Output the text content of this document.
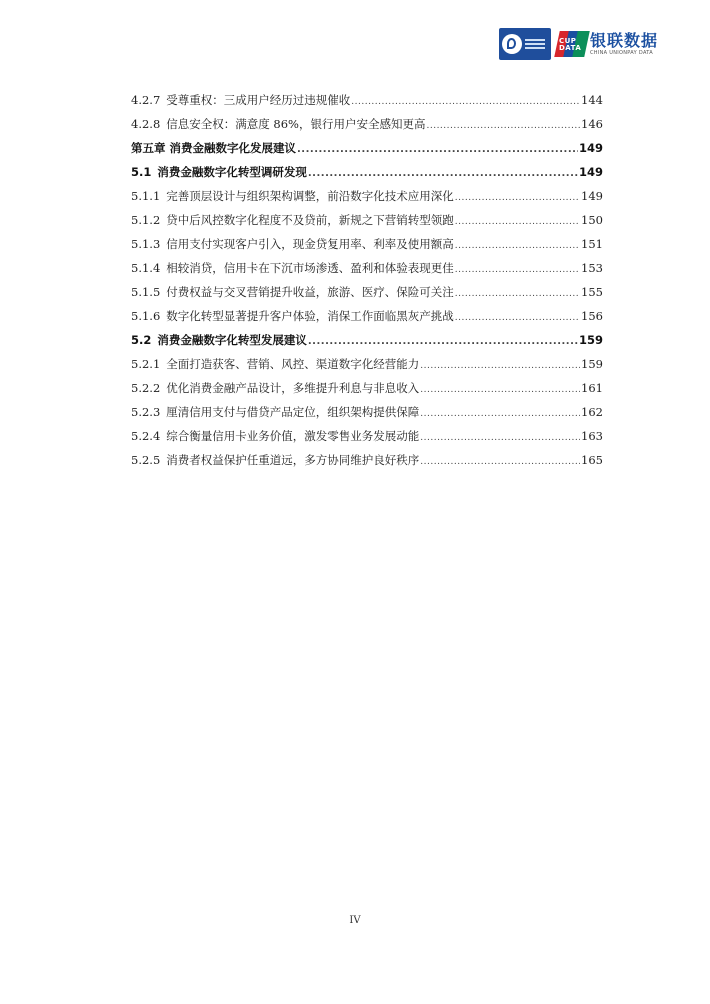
CUP DATA 银联数据
CHINA UNIONPAY DATA
4.2.7 受尊重权：三成用户经历过违规催收 .....	144
4.2.8 信息安全权：满意度 86%，银行用户安全感知更高 .....	146
第五章 消费金融数字化发展建议 .....	149
5.1 消费金融数字化转型调研发现 .....	149
5.1.1 完善顶层设计与组织架构调整，前沿数字化技术应用深化 .....	149
5.1.2 贷中后风控数字化程度不及贷前，新规之下营销转型领跑 .....	150
5.1.3 信用支付实现客户引入，现金贷复用率、利率及使用额高 .....	151
5.1.4 相较消贷，信用卡在下沉市场渗透、盈利和体验表现更佳 .....	153
5.1.5 付费权益与交叉营销提升收益，旅游、医疗、保险可关注 .....	155
5.1.6 数字化转型显著提升客户体验，消保工作面临黑灰产挑战 .....	156
5.2 消费金融数字化转型发展建议 .....	159
5.2.1 全面打造获客、营销、风控、渠道数字化经营能力 .....	159
5.2.2 优化消费金融产品设计，多维提升利息与非息收入 .....	161
5.2.3 厘清信用支付与借贷产品定位，组织架构提供保障 .....	162
5.2.4 综合衡量信用卡业务价值，激发零售业务发展动能 .....	163
5.2.5 消费者权益保护任重道远，多方协同维护良好秩序 .....	165
IV
